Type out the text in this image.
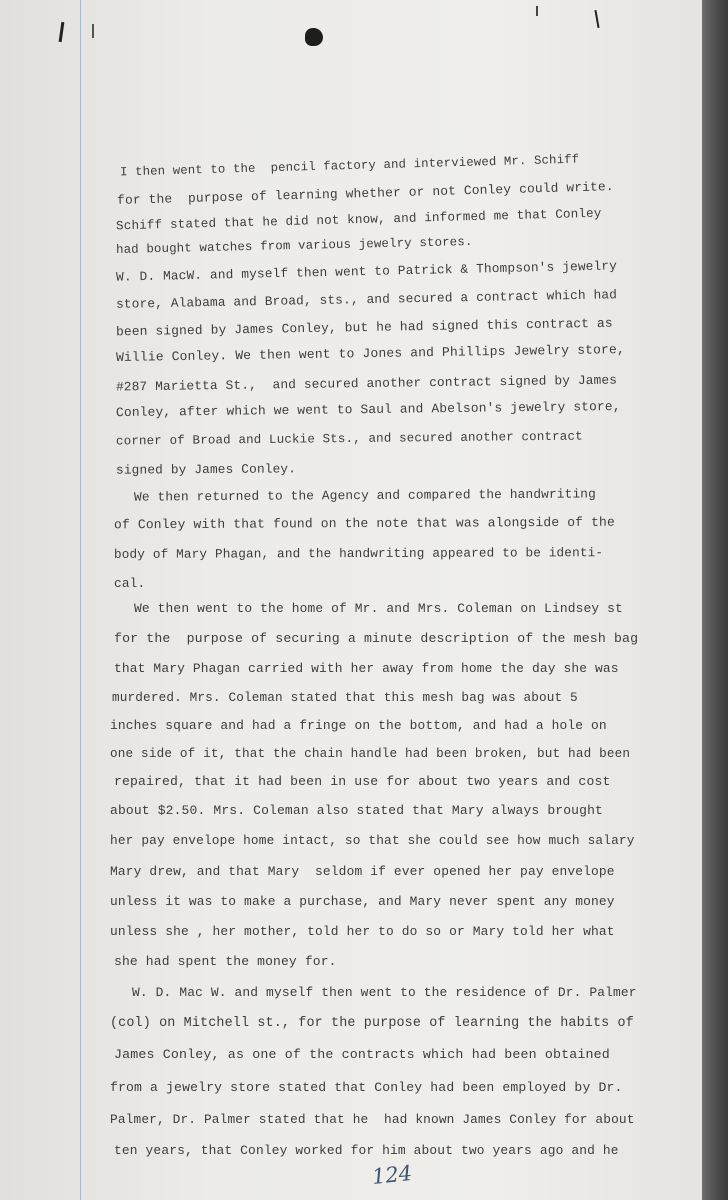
I then went to the  pencil factory and interviewed Mr. Schiff

for the  purpose of learning whether or not Conley could write.

Schiff stated that he did not know, and informed me that Conley

had bought watches from various jewelry stores.

W. D. MacW. and myself then went to Patrick & Thompson's jewelry

store, Alabama and Broad, sts., and secured a contract which had

been signed by James Conley, but he had signed this contract as

Willie Conley. We then went to Jones and Phillips Jewelry store,

#287 Marietta St.,  and secured another contract signed by James

Conley, after which we went to Saul and Abelson's jewelry store,

corner of Broad and Luckie Sts., and secured another contract

signed by James Conley.

We then returned to the Agency and compared the handwriting

of Conley with that found on the note that was alongside of the

body of Mary Phagan, and the handwriting appeared to be identi-

cal.

We then went to the home of Mr. and Mrs. Coleman on Lindsey st

for the  purpose of securing a minute description of the mesh bag

that Mary Phagan carried with her away from home the day she was

murdered. Mrs. Coleman stated that this mesh bag was about 5

inches square and had a fringe on the bottom, and had a hole on

one side of it, that the chain handle had been broken, but had been

repaired, that it had been in use for about two years and cost

about $2.50. Mrs. Coleman also stated that Mary always brought

her pay envelope home intact, so that she could see how much salary

Mary drew, and that Mary  seldom if ever opened her pay envelope

unless it was to make a purchase, and Mary never spent any money

unless she , her mother, told her to do so or Mary told her what

she had spent the money for.

W. D. Mac W. and myself then went to the residence of Dr. Palmer

(col) on Mitchell st., for the purpose of learning the habits of

James Conley, as one of the contracts which had been obtained

from a jewelry store stated that Conley had been employed by Dr.

Palmer, Dr. Palmer stated that he  had known James Conley for about

ten years, that Conley worked for him about two years ago and he

124
